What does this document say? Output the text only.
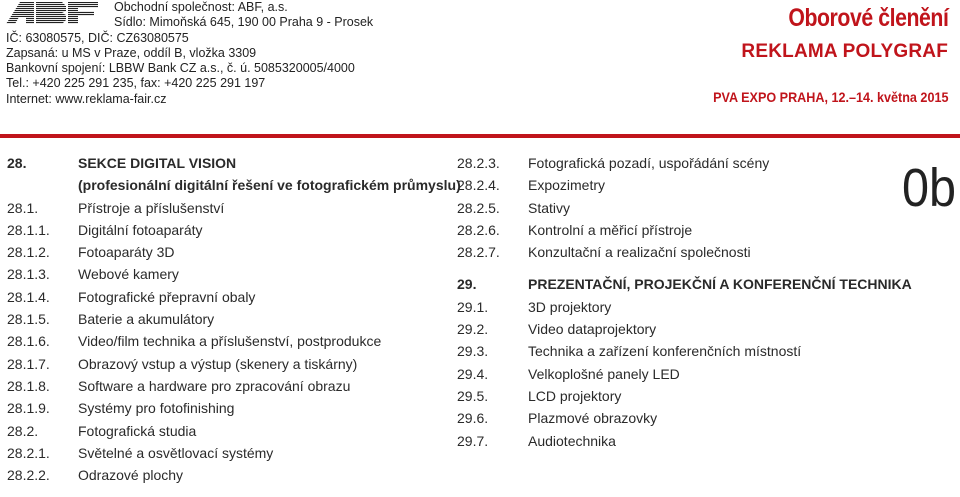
Obchodní společnost: ABF, a.s.
Sídlo: Mimoňská 645, 190 00 Praha 9 - Prosek
IČ: 63080575, DIČ: CZ63080575
Zapsaná: u MS v Praze, oddíl B, vložka 3309
Bankovní spojení: LBBW Bank CZ a.s., č. ú. 5085320005/4000
Tel.: +420 225 291 235, fax: +420 225 291 197
Internet: www.reklama-fair.cz
Oborové členění
REKLAMA POLYGRAF
PVA EXPO PRAHA, 12.–14. května 2015
28.	SEKCE DIGITAL VISION
(profesionální digitální řešení ve fotografickém průmyslu)
28.1.	Přístroje a příslušenství
28.1.1.	Digitální fotoaparáty
28.1.2.	Fotoaparáty 3D
28.1.3.	Webové kamery
28.1.4.	Fotografické přepravní obaly
28.1.5.	Baterie a akumulátory
28.1.6.	Video/film technika a příslušenství, postprodukce
28.1.7.	Obrazový vstup a výstup (skenery a tiskárny)
28.1.8.	Software a hardware pro zpracování obrazu
28.1.9.	Systémy pro fotofinishing
28.2.	Fotografická studia
28.2.1.	Světelné a osvětlovací systémy
28.2.2.	Odrazové plochy
28.2.3.	Fotografická pozadí, uspořádání scény
28.2.4.	Expozimetry
28.2.5.	Stativy
28.2.6.	Kontrolní a měřicí přístroje
28.2.7.	Konzultační a realizační společnosti
29.	PREZENTAČNÍ, PROJEKČNÍ A KONFERENČNÍ TECHNIKA
29.1.	3D projektory
29.2.	Video dataprojektory
29.3.	Technika a zařízení konferenčních místností
29.4.	Velkoplošné panely LED
29.5.	LCD projektory
29.6.	Plazmové obrazovky
29.7.	Audiotechnika
0b
